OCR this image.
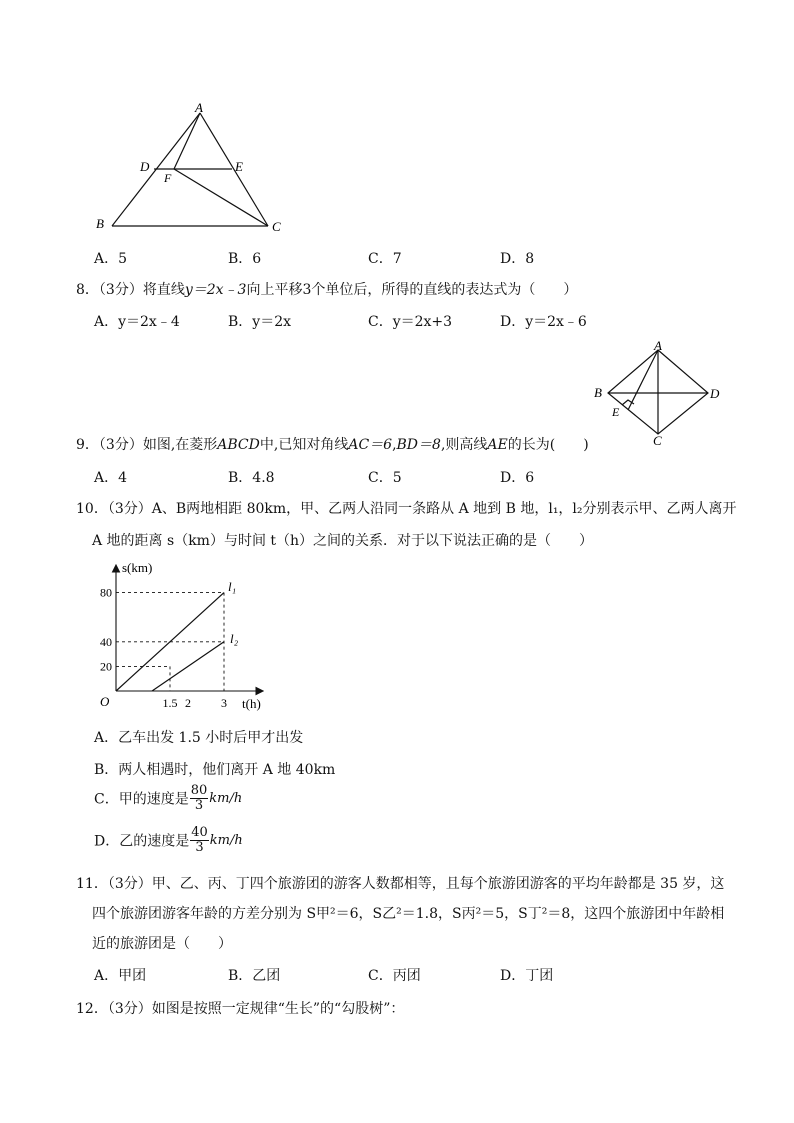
A
D	E
F
B	C
A．5	B．6	C．7	D．8
8．（3分）将直线y＝2x﹣3向上平移3个单位后，所得的直线的表达式为（　　）
A．y＝2x﹣4	B．y＝2x	C．y＝2x+3	D．y＝2x﹣6
A
B	D
E
C
9．（3分）如图,在菱形ABCD中,已知对角线AC＝6,BD＝8,则高线AE的长为(　　)
A．4	B．4.8	C．5	D．6
10．（3分）A、B两地相距 80km，甲、乙两人沿同一条路从 A 地到 B 地，l₁，l₂分别表示甲、乙两人离开
A 地的距离 s（km）与时间 t（h）之间的关系．对于以下说法正确的是（　　）
80
40
20
1.5 2	3
s(km)
t(h)
O
l₁
l₂
A．乙车出发 1.5 小时后甲才出发
B．两人相遇时，他们离开 A 地 40km
C．甲的速度是 $\frac{80}{3} km/h$
D．乙的速度是 $\frac{40}{3} km/h$
11．（3分）甲、乙、丙、丁四个旅游团的游客人数都相等，且每个旅游团游客的平均年龄都是 35 岁，这
四个旅游团游客年龄的方差分别为 S甲²＝6，S乙²＝1.8，S丙²＝5，S丁²＝8，这四个旅游团中年龄相
近的旅游团是（　　）
A．甲团	B．乙团	C．丙团	D．丁团
12．（3分）如图是按照一定规律“生长”的“勾股树”：
